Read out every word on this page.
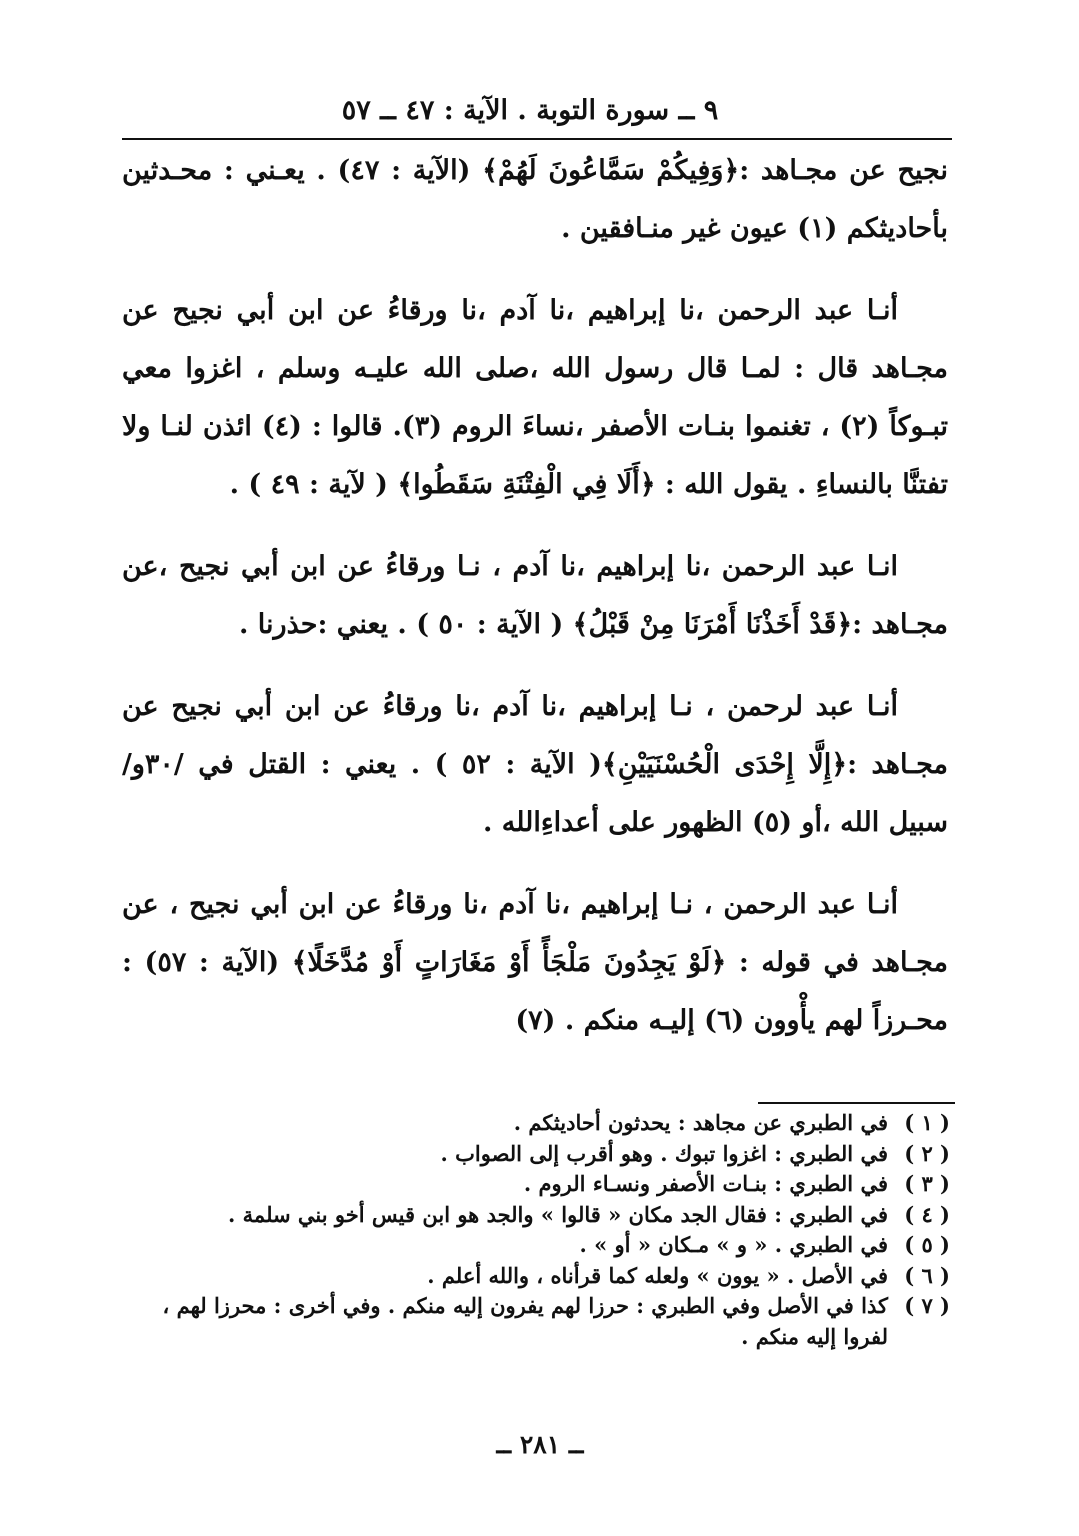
٩ ــ سورة التوبة . الآية : ٤٧ ــ ٥٧

نجيح عن مجـاهد :﴿وَفِيكُمْ سَمَّاعُونَ لَهُمْ﴾ (الآية : ٤٧) . يعـني : محـدثين بأحاديثكم (١) عيون غير منـافقين .

أنـا عبد الرحمن ،نا إبراهيم ،نا آدم ،نا ورقاءُ عن ابن أبي نجيح عن مجـاهد قال : لمـا قال رسول الله ،صلى الله عليـه وسلم ، اغزوا معي تبـوكاً (٢) ، تغنموا بنـات الأصفر ،نساءَ الروم (٣). قالوا : (٤) ائذن لنـا ولا تفتنَّا بالنساءِ . يقول الله : ﴿أَلَا فِي الْفِتْنَةِ سَقَطُوا﴾ ( لآية : ٤٩ ) .

انـا عبد الرحمن ،نا إبراهيم ،نا آدم ، نـا ورقاءُ عن ابن أبي نجيح ،عن مجـاهد :﴿قَدْ أَخَذْنَا أَمْرَنَا مِنْ قَبْلُ﴾ ( الآية : ٥٠ ) . يعني :حذرنا .

أنـا عبد لرحمن ، نـا إبراهيم ،نا آدم ،نا ورقاءُ عن ابن أبي نجيح عن مجـاهد :﴿إِلَّا إِحْدَى الْحُسْنَيَيْنِ﴾( الآية : ٥٢ ) . يعني : القتل في /٣٠و/ سبيل الله ،أو (٥) الظهور على أعداءِالله .

أنـا عبد الرحمن ، نـا إبراهيم ،نا آدم ،نا ورقاءُ عن ابن أبي نجيح ، عن مجـاهد في قوله : ﴿لَوْ يَجِدُونَ مَلْجَأً أَوْ مَغَارَاتٍ أَوْ مُدَّخَلًا﴾ (الآية : ٥٧) : محـرزاً لهم يأْوون (٦) إليـه منكم . (٧)

( ١ )
في الطبري عن مجاهد : يحدثون أحاديثكم .
( ٢ )
في الطبري : اغزوا تبوك . وهو أقرب إلى الصواب .
( ٣ )
في الطبري : بنـات الأصفر ونسـاء الروم .
( ٤ )
في الطبري : فقال الجد مكان « قالوا » والجد هو ابن قيس أخو بني سلمة .
( ٥ )
في الطبري . « و » مـكان « أو » .
( ٦ )
في الأصل . « يوون » ولعله كما قرأناه ، والله أعلم .
( ٧ )
كذا في الأصل وفي الطبري : حرزا لهم يفرون إليه منكم . وفي أخرى : محرزا لهم ، لفروا إليه منكم .
ــ ٢٨١ ــ
